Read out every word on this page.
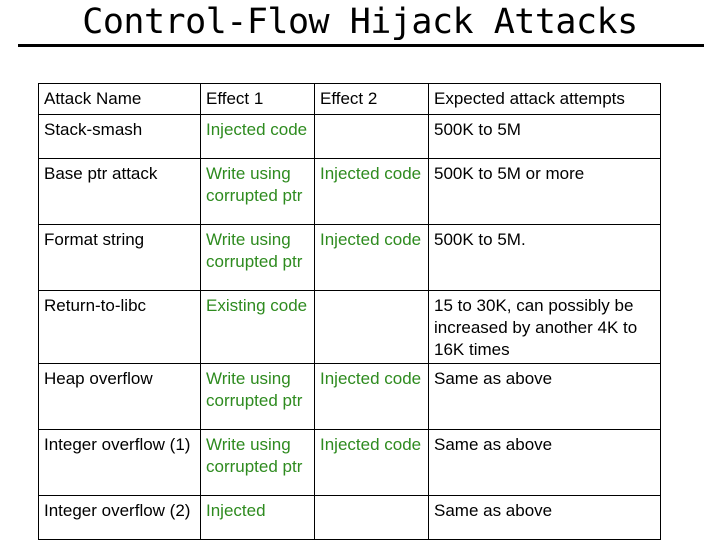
Control-Flow Hijack Attacks
Attack Name	Effect 1	Effect 2	Expected attack attempts
Stack-smash	Injected code		500K to 5M
Base ptr attack	Write using corrupted ptr	Injected code	500K to 5M or more
Format string	Write using corrupted ptr	Injected code	500K to 5M.
Return-to-libc	Existing code		15 to 30K, can possibly be increased by another 4K to 16K times
Heap overflow	Write using corrupted ptr	Injected code	Same as above
Integer overflow (1)	Write using corrupted ptr	Injected code	Same as above
Integer overflow (2)	Injected		Same as above
